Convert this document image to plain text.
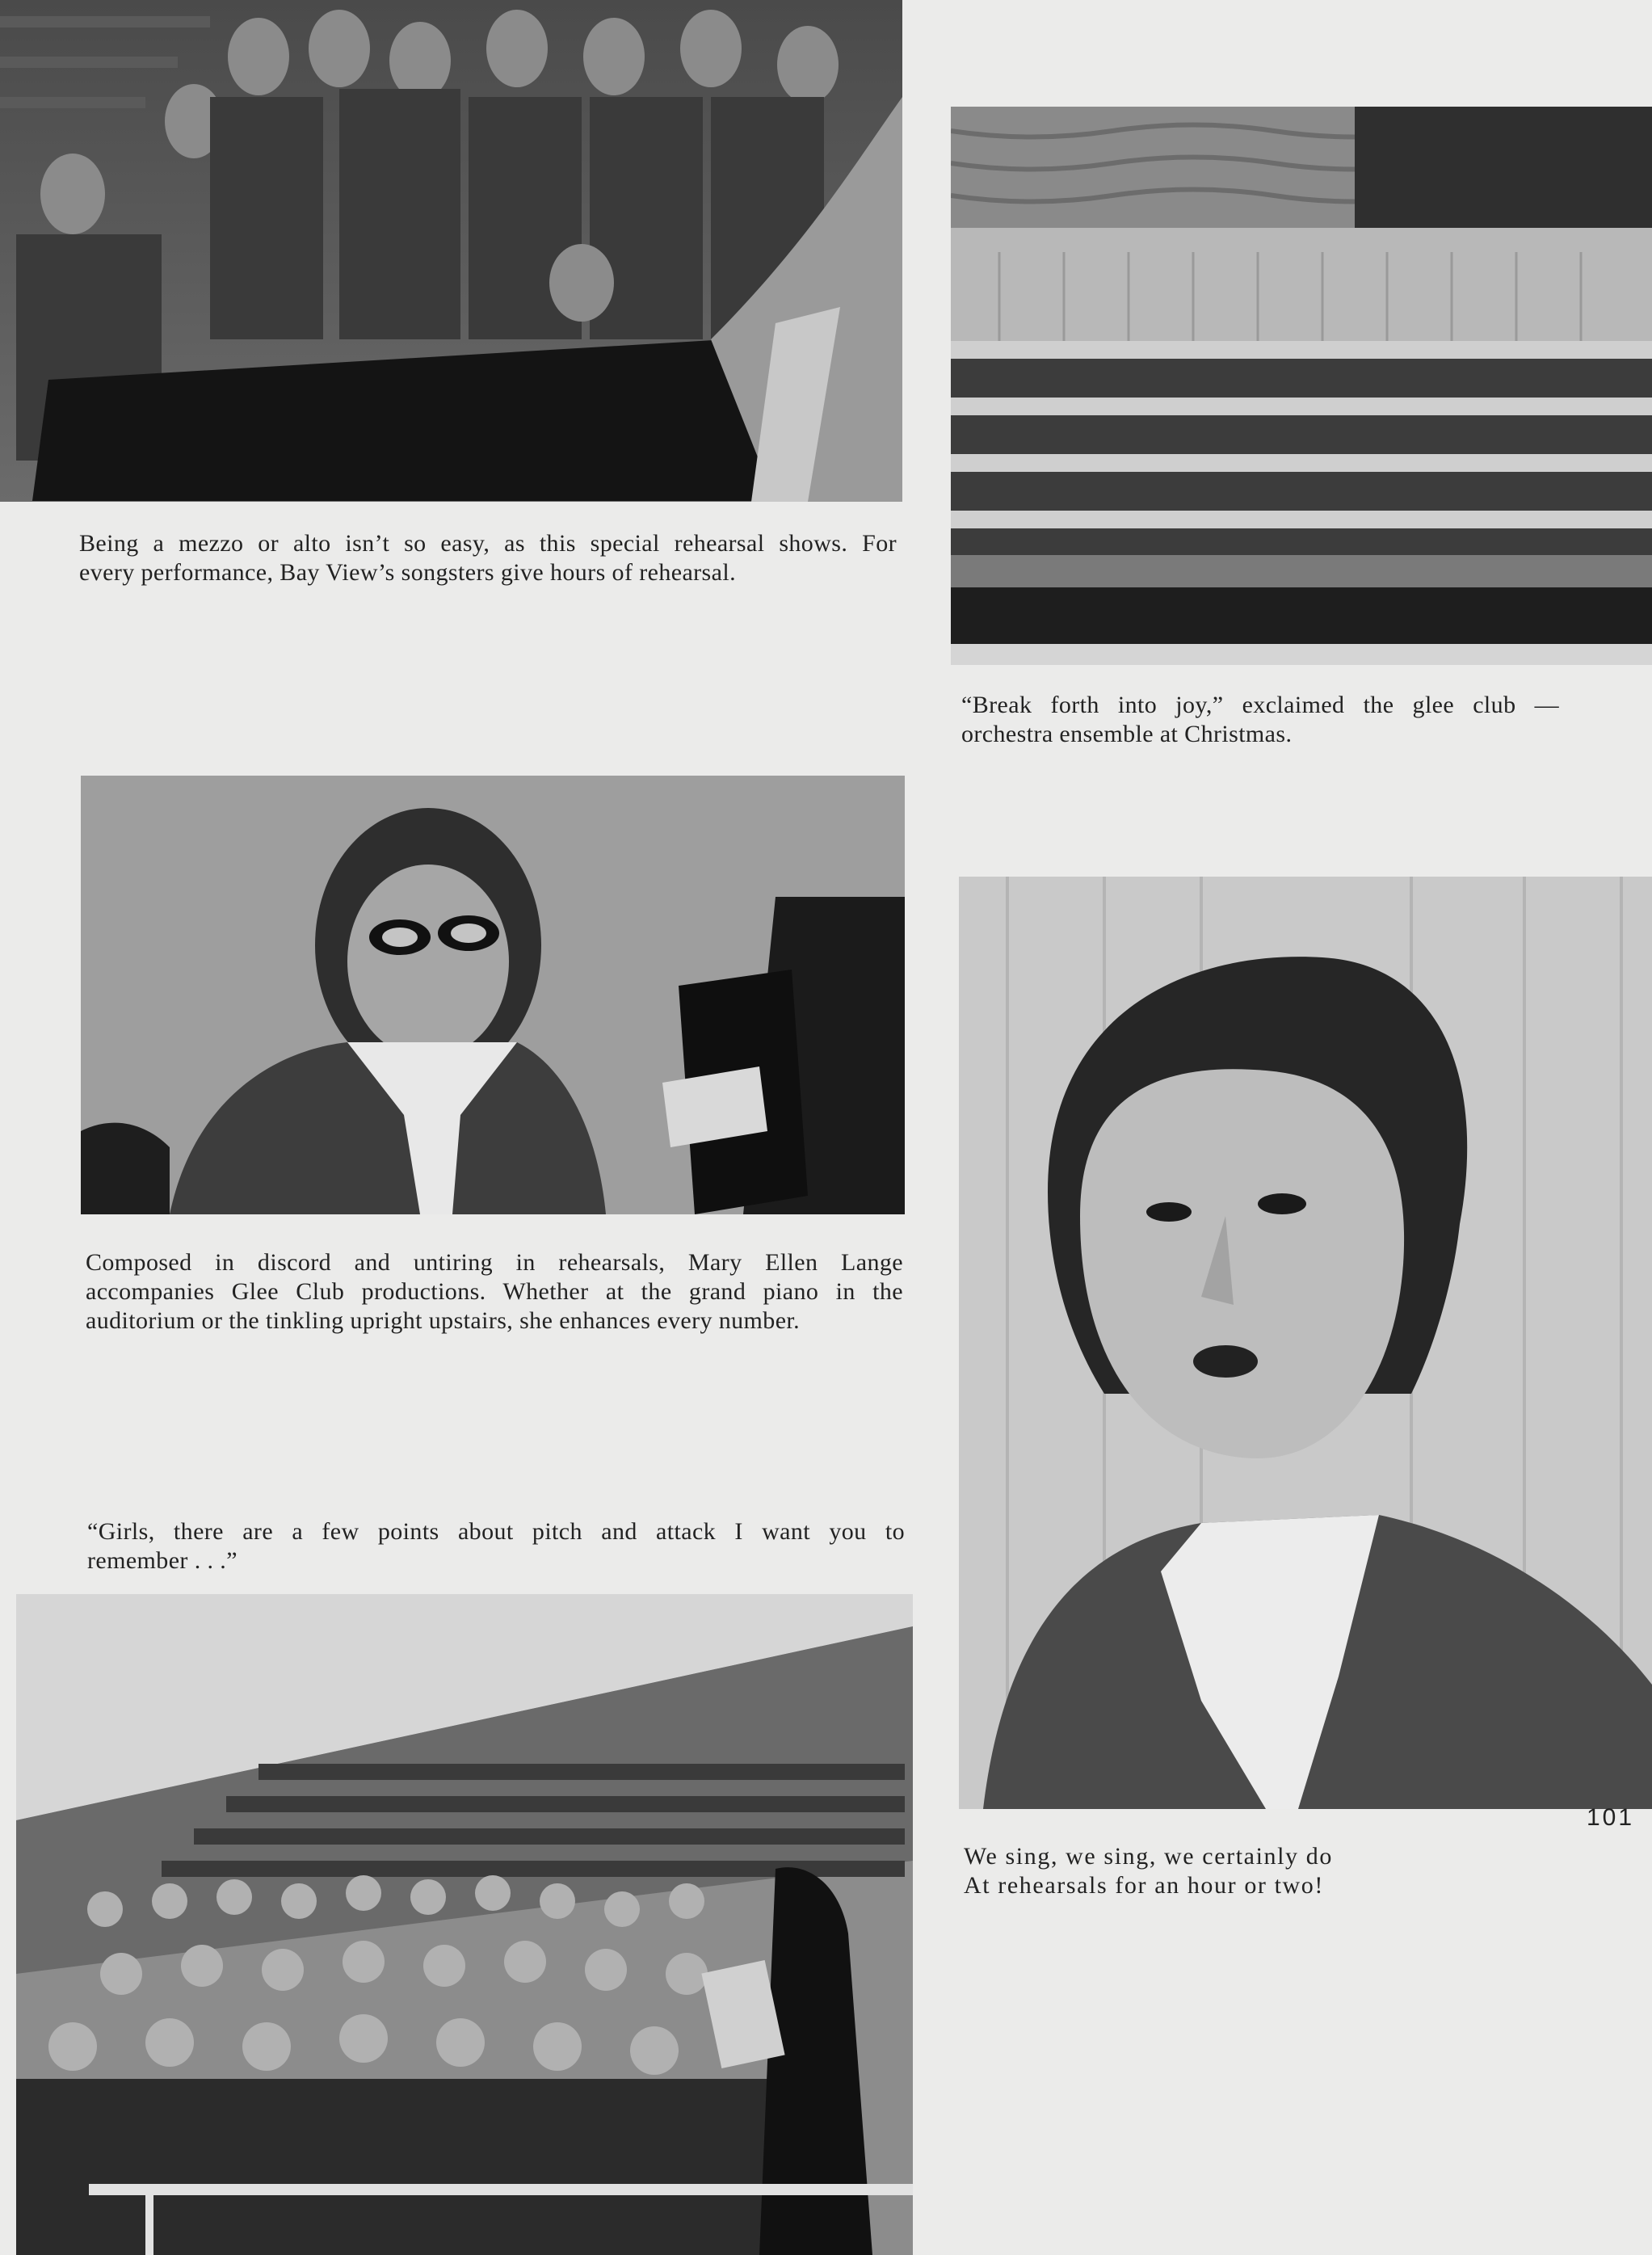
Being a mezzo or alto isn’t so easy, as this special rehearsal shows. For
every performance, Bay View’s songsters give hours of rehearsal.
“Break forth into joy,” exclaimed the glee club —
orchestra ensemble at Christmas.
Composed in discord and untiring in rehearsals, Mary Ellen Lange
accompanies Glee Club productions. Whether at the grand piano in the
auditorium or the tinkling upright upstairs, she enhances every number.
We sing, we sing, we certainly do
At rehearsals for an hour or two!
“Girls, there are a few points about pitch and attack I want you to
remember . . .”
101
